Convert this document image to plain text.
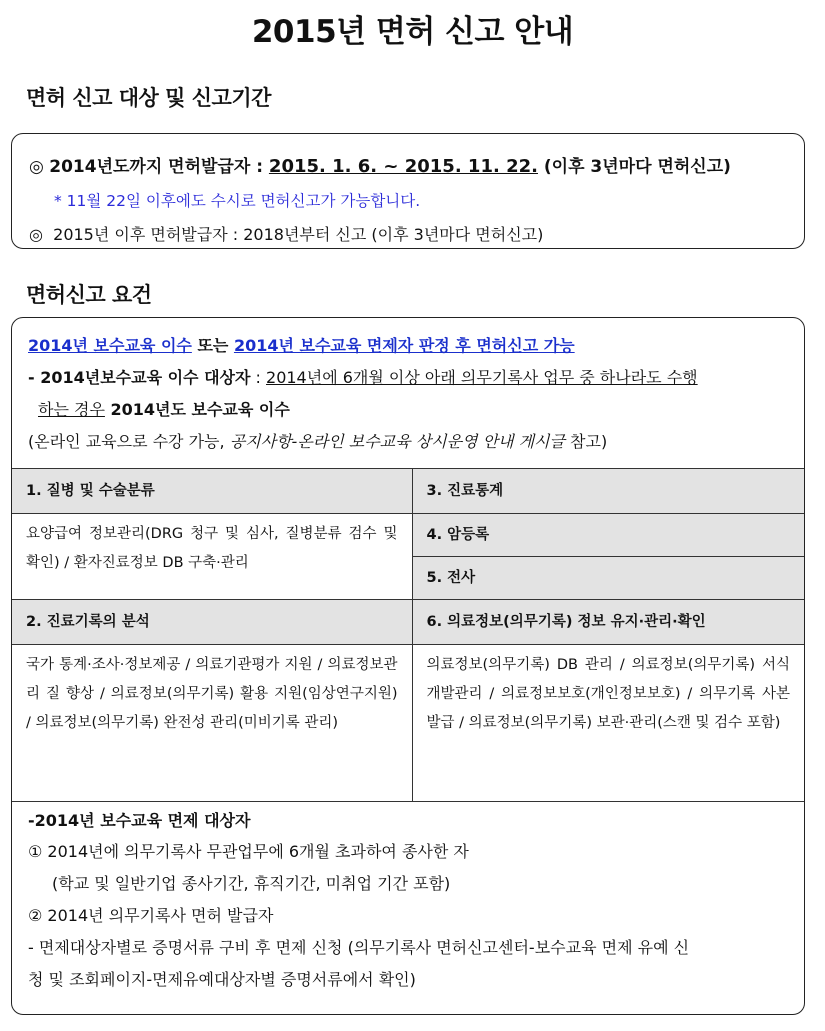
2015년 면허 신고 안내
면허 신고 대상 및 신고기간
◎ 2014년도까지 면허발급자 : 2015. 1. 6. ~ 2015. 11. 22. (이후 3년마다 면허신고)
* 11월 22일 이후에도 수시로 면허신고가 가능합니다.
◎ 2015년 이후 면허발급자 : 2018년부터 신고 (이후 3년마다 면허신고)
면허신고 요건
2014년 보수교육 이수 또는 2014년 보수교육 면제자 판정 후 면허신고 가능
- 2014년보수교육 이수 대상자 : 2014년에 6개월 이상 아래 의무기록사 업무 중 하나라도 수행
하는 경우 2014년도 보수교육 이수
(온라인 교육으로 수강 가능, 공지사항-온라인 보수교육 상시운영 안내 게시글 참고)
1. 질병 및 수술분류	3. 진료통계
요양급여 정보관리(DRG 청구 및 심사, 질병분류 검수 및 확인) / 환자진료정보 DB 구축·관리	4. 암등록
	5. 전사
2. 진료기록의 분석	6. 의료정보(의무기록) 정보 유지·관리·확인
국가 통계·조사·정보제공 / 의료기관평가 지원 / 의료정보관리 질 향상 / 의료정보(의무기록) 활용 지원(임상연구지원) / 의료정보(의무기록) 완전성 관리(미비기록 관리)	의료정보(의무기록) DB 관리 / 의료정보(의무기록) 서식 개발관리 / 의료정보보호(개인정보보호) / 의무기록 사본 발급 / 의료정보(의무기록) 보관·관리(스캔 및 검수 포함)
-2014년 보수교육 면제 대상자
① 2014년에 의무기록사 무관업무에 6개월 초과하여 종사한 자
(학교 및 일반기업 종사기간, 휴직기간, 미취업 기간 포함)
② 2014년 의무기록사 면허 발급자
- 면제대상자별로 증명서류 구비 후 면제 신청 (의무기록사 면허신고센터-보수교육 면제 유예 신
청 및 조회페이지-면제유예대상자별 증명서류에서 확인)
